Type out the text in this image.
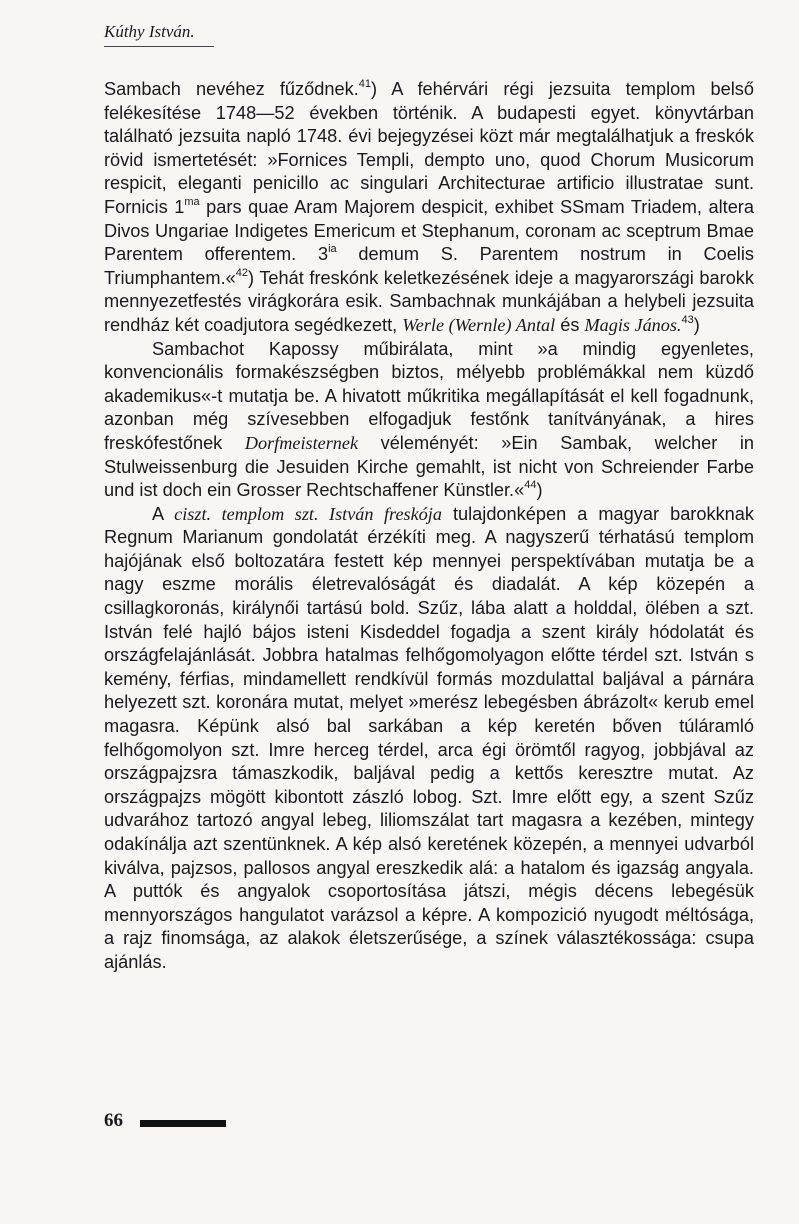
Kúthy István.

Sambach nevéhez fűződnek.$^{41}$) A fehérvári régi jezsuita templom belső felékesítése 1748—52 években történik. A budapesti egyet. könyvtárban található jezsuita napló 1748. évi bejegyzései közt már megtalálhatjuk a freskók rövid ismertetését: »Fornices Templi, dempto uno, quod Chorum Musicorum respicit, eleganti penicillo ac singulari Architecturae artificio illustratae sunt. Fornicis $1^{ma}$ pars quae Aram Majorem despicit, exhibet SSmam Triadem, altera Divos Ungariae Indigetes Emericum et Stephanum, coronam ac sceptrum Bmae Parentem offerentem. $3^{ia}$ demum S. Parentem nostrum in Coelis Triumphantem.«$^{42}$) Tehát freskónk keletkezésének ideje a magyarországi barokk mennyezetfestés virágkorára esik. Sambachnak munkájában a helybeli jezsuita rendház két coadjutora segédkezett, Werle (Wernle) Antal és Magis János.$^{43}$)

Sambachot Kapossy műbirálata, mint »a mindig egyenletes, konvencionális formakészségben biztos, mélyebb problémákkal nem küzdő akademikus«-t mutatja be. A hivatott műkritika megállapítását el kell fogadnunk, azonban még szívesebben elfogadjuk festőnk tanítványának, a hires freskófestőnek Dorfmeisternek véleményét: »Ein Sambak, welcher in Stulweissenburg die Jesuiden Kirche gemahlt, ist nicht von Schreiender Farbe und ist doch ein Grosser Rechtschaffener Künstler.«$^{44}$)

A ciszt. templom szt. István freskója tulajdonképen a magyar barokknak Regnum Marianum gondolatát érzékíti meg. A nagyszerű térhatású templom hajójának első boltozatára festett kép mennyei perspektívában mutatja be a nagy eszme morális életrevalóságát és diadalát. A kép közepén a csillagkoronás, királynői tartású bold. Szűz, lába alatt a holddal, ölében a szt. István felé hajló bájos isteni Kisdeddel fogadja a szent király hódolatát és országfelajánlását. Jobbra hatalmas felhőgomolyagon előtte térdel szt. István s kemény, férfias, mindamellett rendkívül formás mozdulattal baljával a párnára helyezett szt. koronára mutat, melyet »merész lebegésben ábrázolt« kerub emel magasra. Képünk alsó bal sarkában a kép keretén bőven túláramló felhőgomolyon szt. Imre herceg térdel, arca égi örömtől ragyog, jobbjával az országpajzsra támaszkodik, baljával pedig a kettős keresztre mutat. Az országpajzs mögött kibontott zászló lobog. Szt. Imre előtt egy, a szent Szűz udvarához tartozó angyal lebeg, liliomszálat tart magasra a kezében, mintegy odakínálja azt szentünknek. A kép alsó keretének közepén, a mennyei udvarból kiválva, pajzsos, pallosos angyal ereszkedik alá: a hatalom és igazság angyala. A puttók és angyalok csoportosítása játszi, mégis décens lebegésük mennyországos hangulatot varázsol a képre. A kompozició nyugodt méltósága, a rajz finomsága, az alakok életszerűsége, a színek választékossága: csupa ajánlás.

66
